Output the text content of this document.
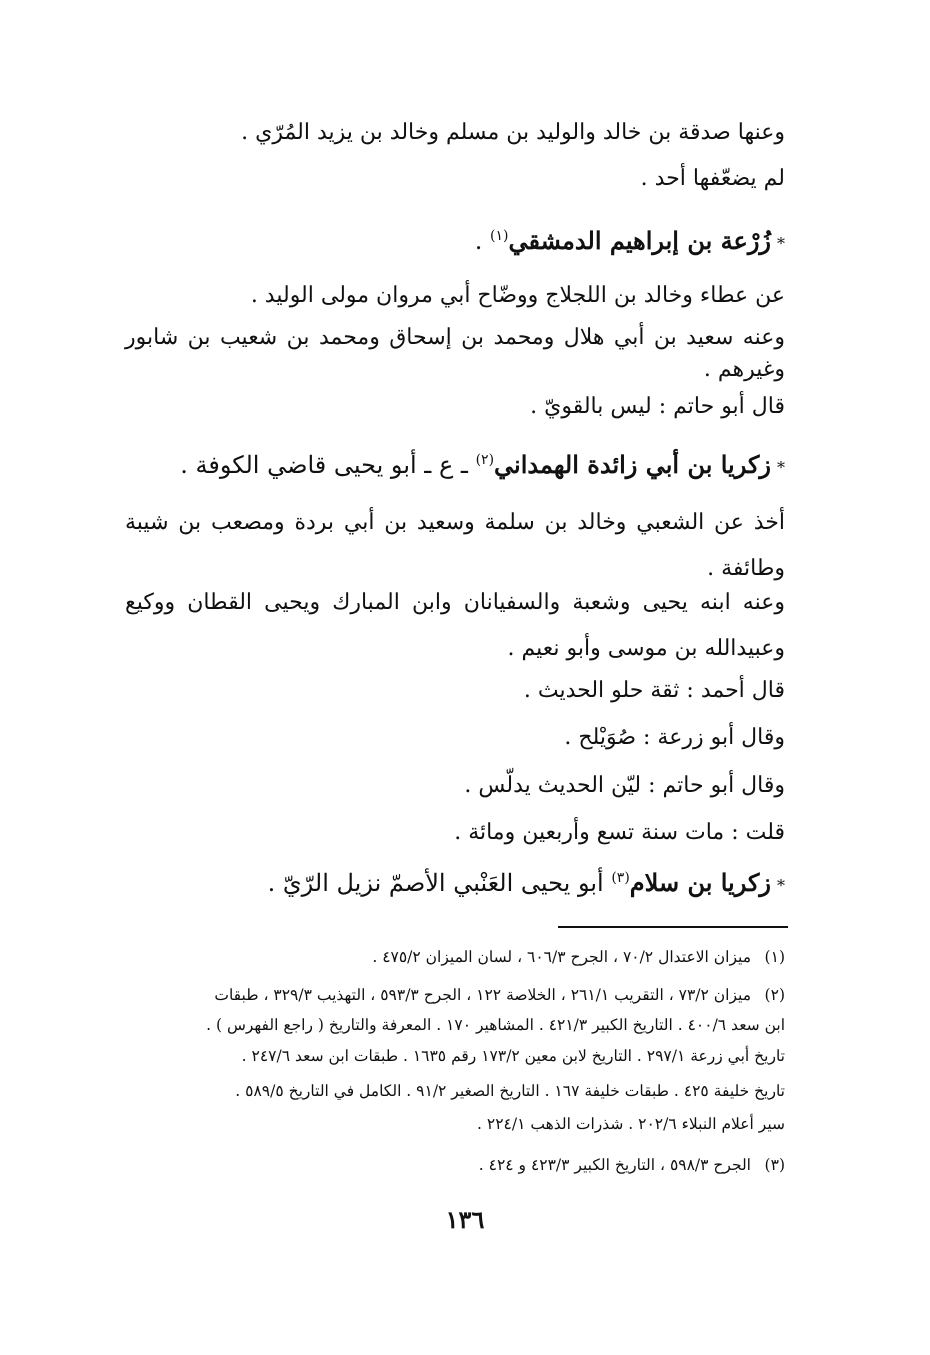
وعنها صدقة بن خالد والوليد بن مسلم وخالد بن يزيد المُرّي .
لم يضعّفها أحد .
*زُرْعة بن إبراهيم الدمشقي$^{(١)}$ .
عن عطاء وخالد بن اللجلاج ووضّاح أبي مروان مولى الوليد .
وعنه سعيد بن أبي هلال ومحمد بن إسحاق ومحمد بن شعيب بن شابور وغيرهم .
قال أبو حاتم : ليس بالقويّ .
*زكريا بن أبي زائدة الهمداني$^{(٢)}$ ـ ع ـ أبو يحيى قاضي الكوفة .
أخذ عن الشعبي وخالد بن سلمة وسعيد بن أبي بردة ومصعب بن شيبة وطائفة .
وعنه ابنه يحيى وشعبة والسفيانان وابن المبارك ويحيى القطان ووكيع وعبيدالله بن موسى وأبو نعيم .
قال أحمد : ثقة حلو الحديث .
وقال أبو زرعة : صُوَيْلح .
وقال أبو حاتم : ليّن الحديث يدلّس .
قلت : مات سنة تسع وأربعين ومائة .
*زكريا بن سلام$^{(٣)}$ أبو يحيى العَنْبي الأصمّ نزيل الرّيّ .
(١)ميزان الاعتدال ٧٠/٢ ، الجرح ٦٠٦/٣ ، لسان الميزان ٤٧٥/٢ .
(٢)ميزان ٧٣/٢ ، التقريب ٢٦١/١ ، الخلاصة ١٢٢ ، الجرح ٥٩٣/٣ ، التهذيب ٣٢٩/٣ ، طبقات
ابن سعد ٤٠٠/٦ . التاريخ الكبير ٤٢١/٣ . المشاهير ١٧٠ . المعرفة والتاريخ ( راجع الفهرس ) .
تاريخ أبي زرعة ٢٩٧/١ . التاريخ لابن معين ١٧٣/٢ رقم ١٦٣٥ . طبقات ابن سعد ٢٤٧/٦ .
تاريخ خليفة ٤٢٥ . طبقات خليفة ١٦٧ . التاريخ الصغير ٩١/٢ . الكامل في التاريخ ٥٨٩/٥ .
سير أعلام النبلاء ٢٠٢/٦ . شذرات الذهب ٢٢٤/١ .
(٣)الجرح ٥٩٨/٣ ، التاريخ الكبير ٤٢٣/٣ و ٤٢٤ .
١٣٦
